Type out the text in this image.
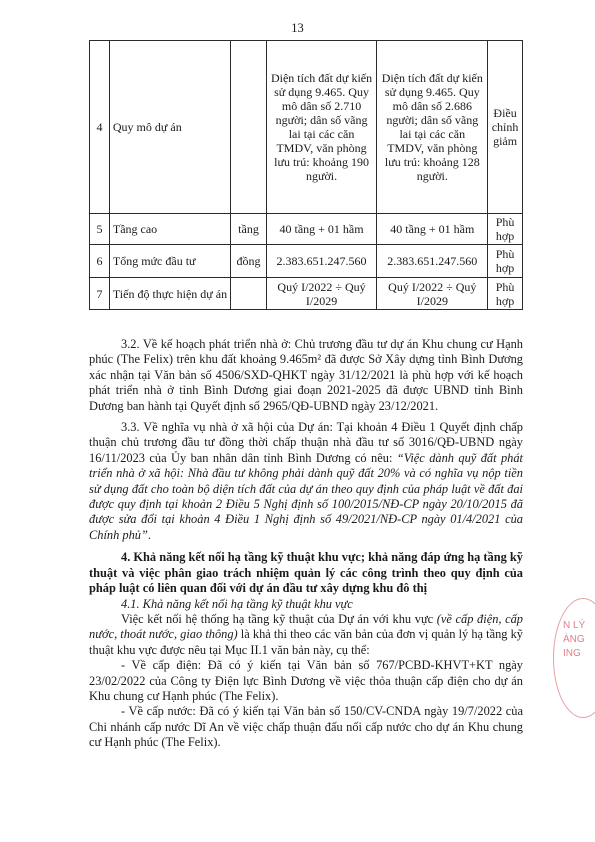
13
4	Quy mô dự án		Diện tích đất dự kiến sử dụng 9.465. Quy mô dân số 2.710 người; dân số vãng lai tại các căn TMDV, văn phòng lưu trú: khoảng 190 người.	Diện tích đất dự kiến sử dụng 9.465. Quy mô dân số 2.686 người; dân số vãng lai tại các căn TMDV, văn phòng lưu trú: khoảng 128 người.	Điều chỉnh giảm
5	Tầng cao	tầng	40 tầng + 01 hầm	40 tầng + 01 hầm	Phù hợp
6	Tổng mức đầu tư	đồng	2.383.651.247.560	2.383.651.247.560	Phù hợp
7	Tiến độ thực hiện dự án		Quý I/2022 ÷ Quý I/2029	Quý I/2022 ÷ Quý I/2029	Phù hợp

3.2. Về kế hoạch phát triển nhà ở: Chủ trương đầu tư dự án Khu chung cư Hạnh phúc (The Felix) trên khu đất khoảng 9.465m² đã được Sở Xây dựng tỉnh Bình Dương xác nhận tại Văn bản số 4506/SXD-QHKT ngày 31/12/2021 là phù hợp với kế hoạch phát triển nhà ở tỉnh Bình Dương giai đoạn 2021-2025 đã được UBND tỉnh Bình Dương ban hành tại Quyết định số 2965/QĐ-UBND ngày 23/12/2021.

3.3. Về nghĩa vụ nhà ở xã hội của Dự án: Tại khoản 4 Điều 1 Quyết định chấp thuận chủ trương đầu tư đồng thời chấp thuận nhà đầu tư số 3016/QĐ-UBND ngày 16/11/2023 của Ủy ban nhân dân tỉnh Bình Dương có nêu: “Việc dành quỹ đất phát triển nhà ở xã hội: Nhà đầu tư không phải dành quỹ đất 20% và có nghĩa vụ nộp tiền sử dụng đất cho toàn bộ diện tích đất của dự án theo quy định của pháp luật về đất đai được quy định tại khoản 2 Điều 5 Nghị định số 100/2015/NĐ-CP ngày 20/10/2015 đã được sửa đổi tại khoản 4 Điều 1 Nghị định số 49/2021/NĐ-CP ngày 01/4/2021 của Chính phủ”.

4. Khả năng kết nối hạ tầng kỹ thuật khu vực; khả năng đáp ứng hạ tầng kỹ thuật và việc phân giao trách nhiệm quản lý các công trình theo quy định của pháp luật có liên quan đối với dự án đầu tư xây dựng khu đô thị

4.1. Khả năng kết nối hạ tầng kỹ thuật khu vực

Việc kết nối hệ thống hạ tầng kỹ thuật của Dự án với khu vực (về cấp điện, cấp nước, thoát nước, giao thông) là khả thi theo các văn bản của đơn vị quản lý hạ tầng kỹ thuật khu vực được nêu tại Mục II.1 văn bản này, cụ thể:

- Về cấp điện: Đã có ý kiến tại Văn bản số 767/PCBD-KHVT+KT ngày 23/02/2022 của Công ty Điện lực Bình Dương về việc thỏa thuận cấp điện cho dự án Khu chung cư Hạnh phúc (The Felix).

- Về cấp nước: Đã có ý kiến tại Văn bản số 150/CV-CNDA ngày 19/7/2022 của Chi nhánh cấp nước Dĩ An về việc chấp thuận đấu nối cấp nước cho dự án Khu chung cư Hạnh phúc (The Felix).

N LÝ
ÀNG
ING
